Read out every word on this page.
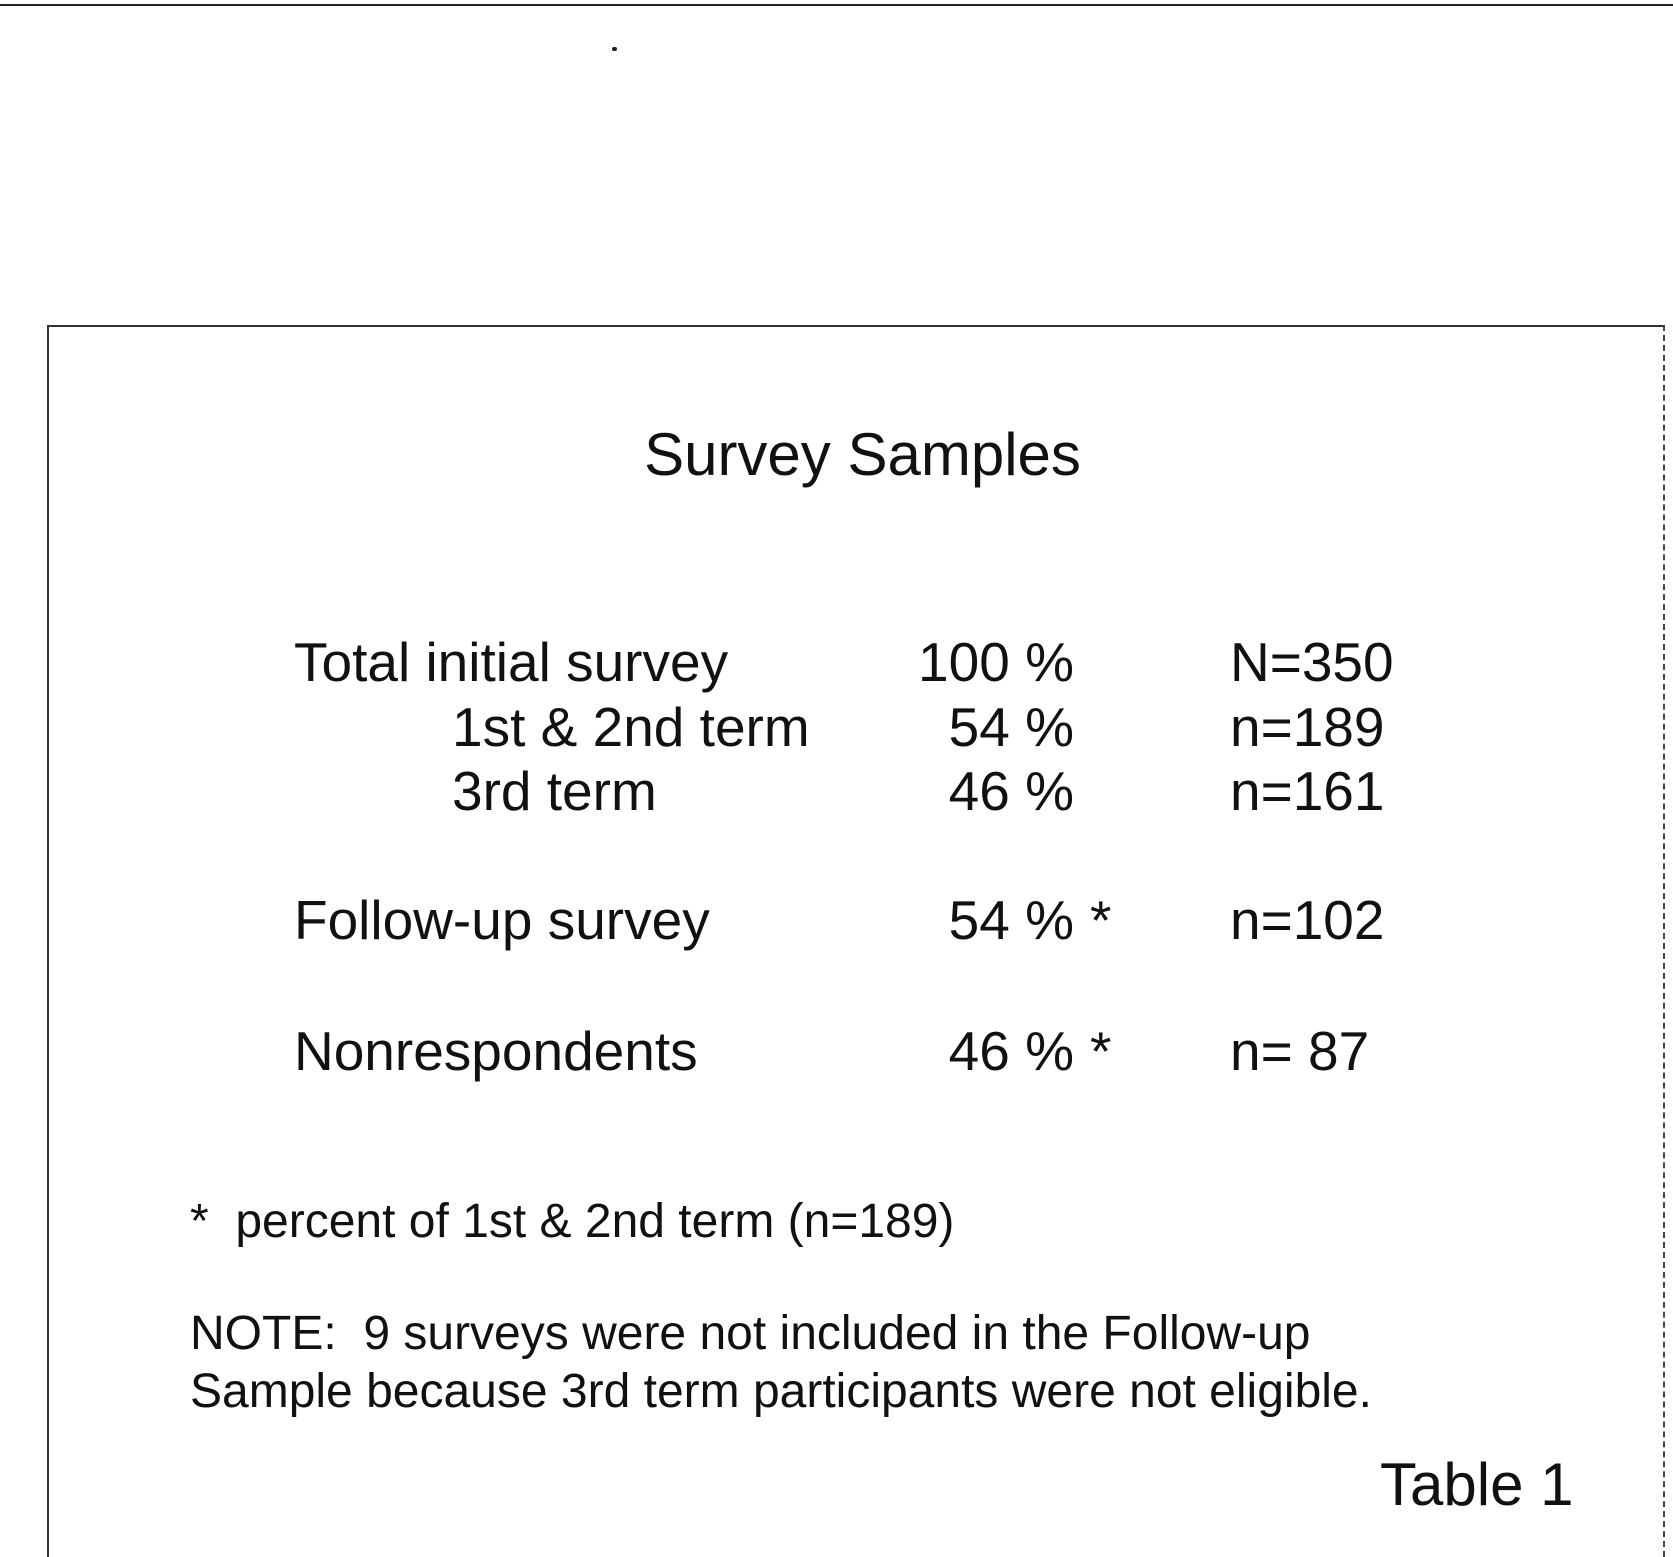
Survey Samples
Total initial survey	100 %	N=350
1st & 2nd term	54 %	n=189
3rd term	46 %	n=161
Follow-up survey	54 % * n=102
Nonrespondents	46 % * n= 87
*  percent of 1st & 2nd term (n=189)
NOTE:  9 surveys were not included in the Follow-up
Sample because 3rd term participants were not eligible.
Table 1
